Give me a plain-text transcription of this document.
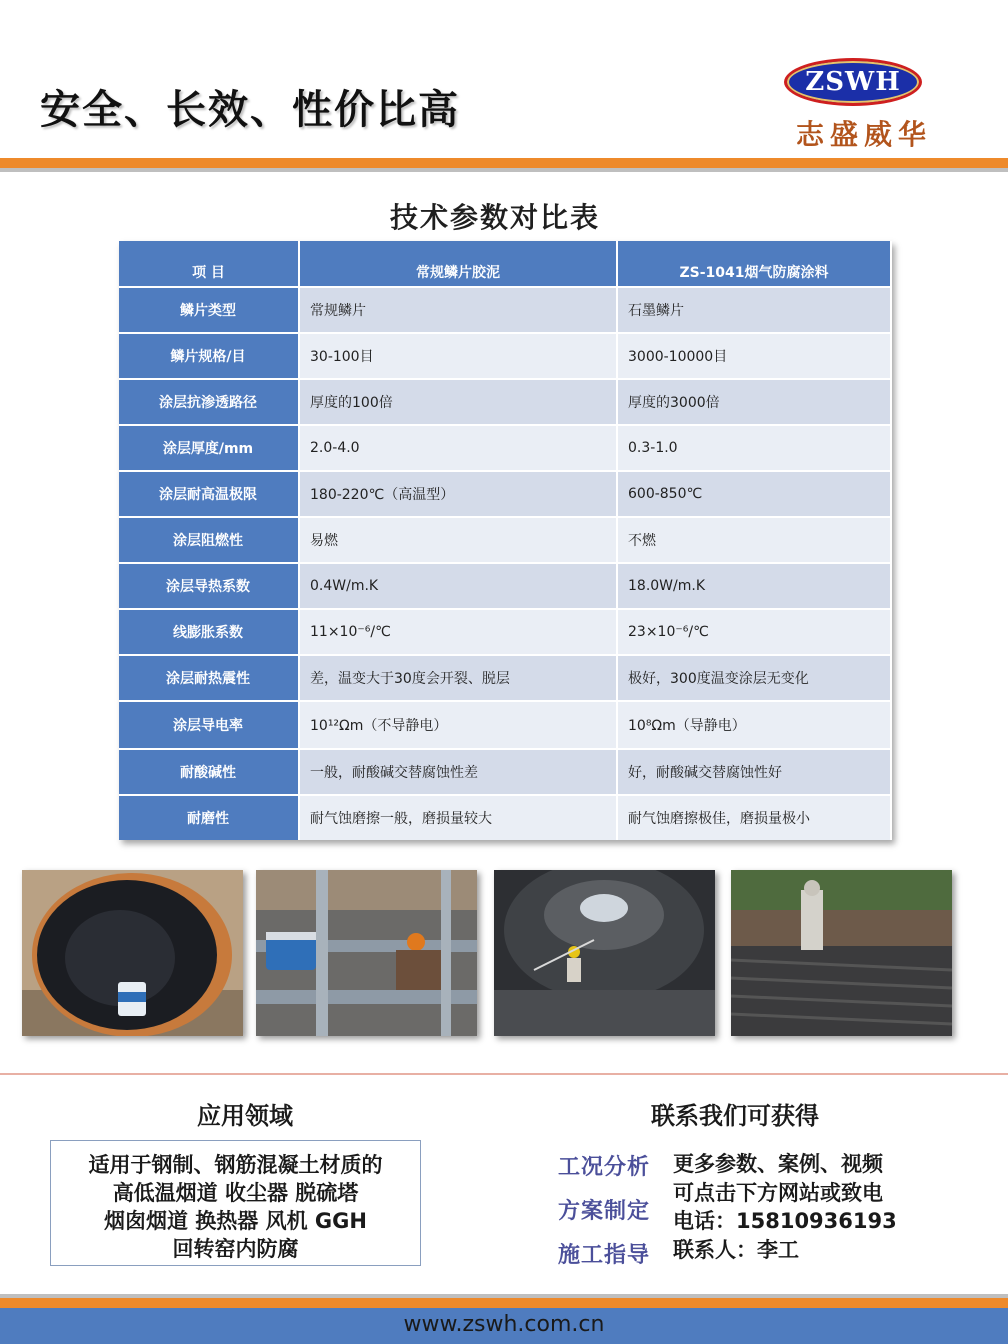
安全、长效、性价比高
ZSWH
志盛威华
技术参数对比表
项 目	常规鳞片胶泥	ZS-1041烟气防腐涂料
鳞片类型	常规鳞片	石墨鳞片
鳞片规格/目	30-100目	3000-10000目
涂层抗渗透路径	厚度的100倍	厚度的3000倍
涂层厚度/mm	2.0-4.0	0.3-1.0
涂层耐高温极限	180-220℃（高温型）	600-850℃
涂层阻燃性	易燃	不燃
涂层导热系数	0.4W/m.K	18.0W/m.K
线膨胀系数	11×10⁻⁶/℃	23×10⁻⁶/℃
涂层耐热震性	差，温变大于30度会开裂、脱层	极好，300度温变涂层无变化
涂层导电率	10¹²Ωm（不导静电）	10⁸Ωm（导静电）
耐酸碱性	一般，耐酸碱交替腐蚀性差	好，耐酸碱交替腐蚀性好
耐磨性	耐气蚀磨擦一般，磨损量较大	耐气蚀磨擦极佳，磨损量极小
应用领域
适用于钢制、钢筋混凝土材质的
高低温烟道 收尘器 脱硫塔
烟囱烟道 换热器 风机 GGH
回转窑内防腐
联系我们可获得
工况分析
方案制定
施工指导
更多参数、案例、视频
可点击下方网站或致电
电话：15810936193
联系人：李工
www.zswh.com.cn
